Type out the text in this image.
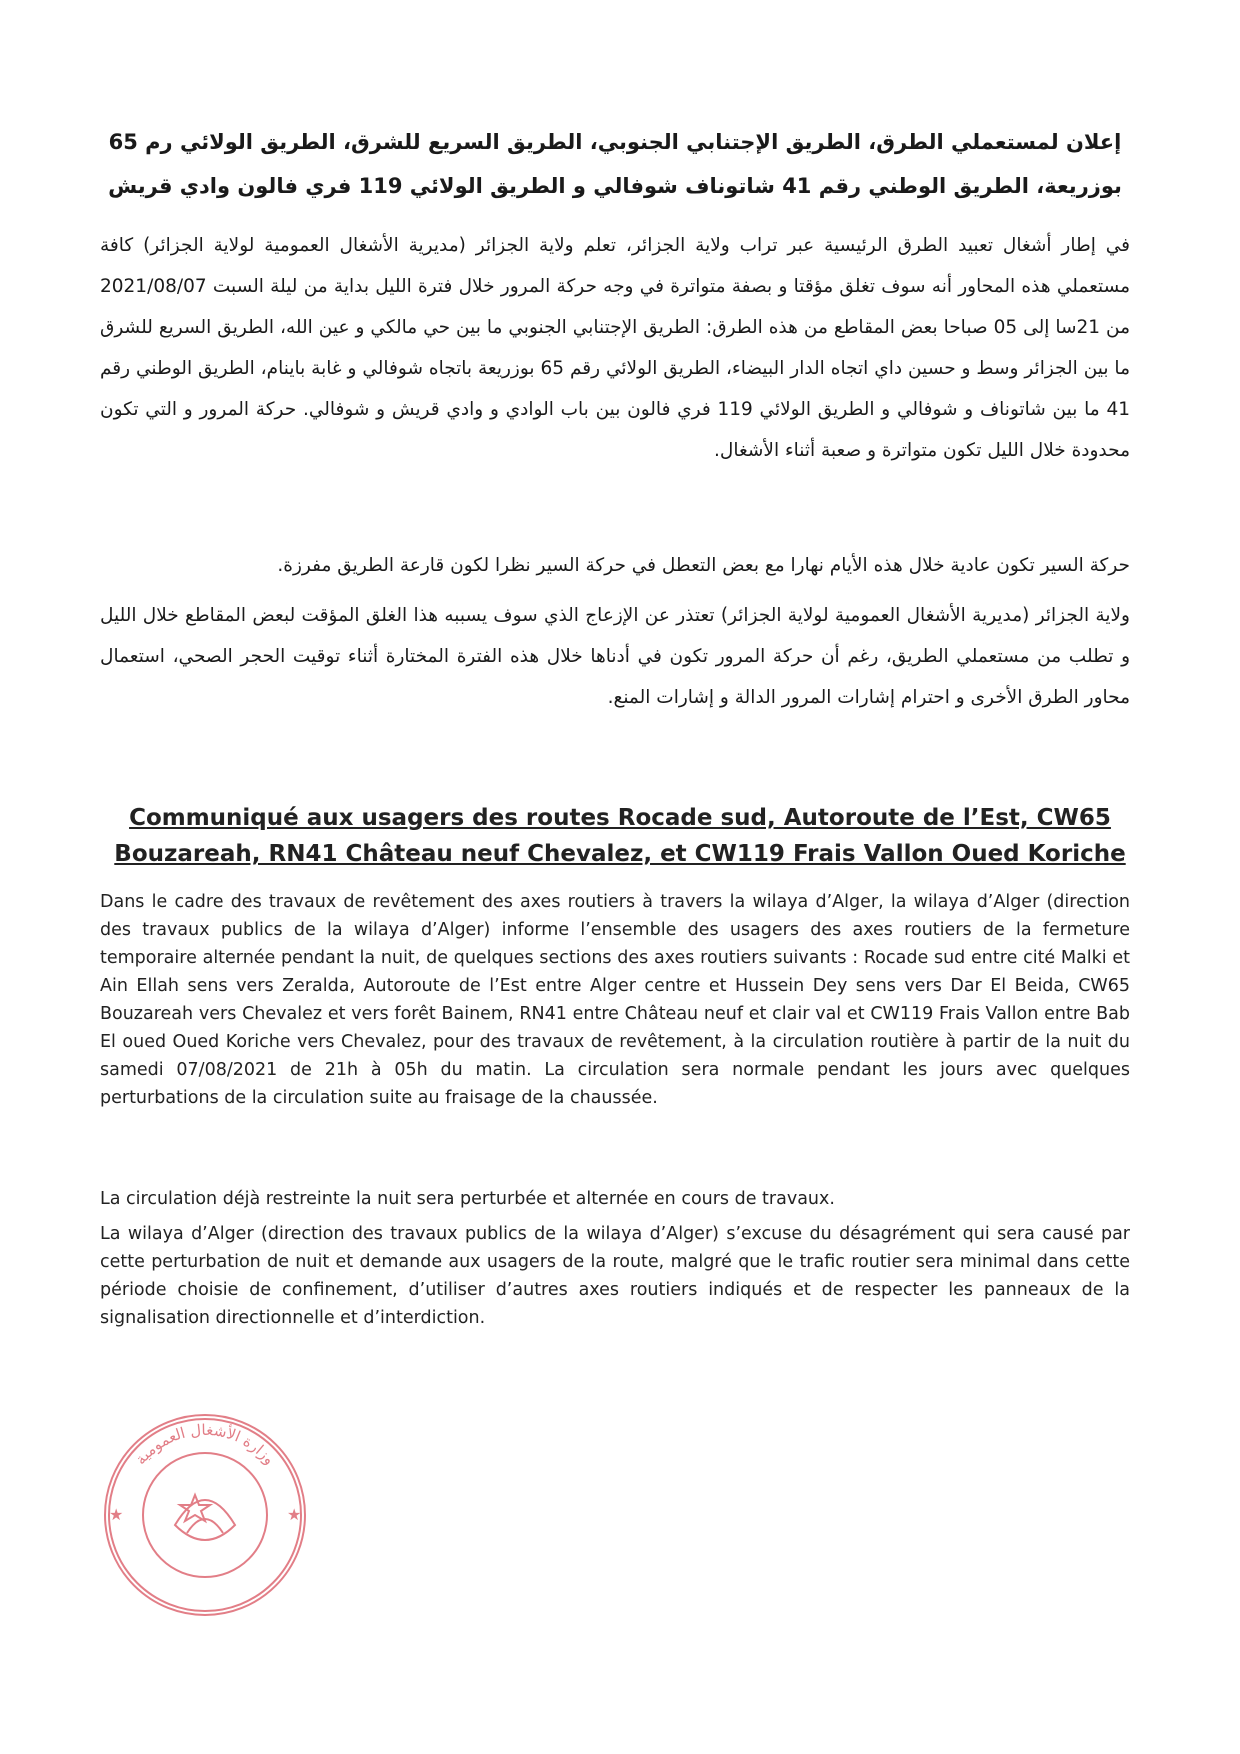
إعلان لمستعملي الطرق، الطريق الإجتنابي الجنوبي، الطريق السريع للشرق، الطريق الولائي رم 65
بوزريعة، الطريق الوطني رقم 41 شاتوناف شوفالي و الطريق الولائي 119 فري فالون وادي قريش
في إطار أشغال تعبيد الطرق الرئيسية عبر تراب ولاية الجزائر، تعلم ولاية الجزائر (مديرية الأشغال العمومية لولاية الجزائر) كافة مستعملي هذه المحاور أنه سوف تغلق مؤقتا و بصفة متواترة في وجه حركة المرور خلال فترة الليل بداية من ليلة السبت 2021/08/07 من 21سا إلى 05 صباحا بعض المقاطع من هذه الطرق: الطريق الإجتنابي الجنوبي ما بين حي مالكي و عين الله، الطريق السريع للشرق ما بين الجزائر وسط و حسين داي اتجاه الدار البيضاء، الطريق الولائي رقم 65 بوزريعة باتجاه شوفالي و غابة باينام، الطريق الوطني رقم 41 ما بين شاتوناف و شوفالي و الطريق الولائي 119 فري فالون بين باب الوادي و وادي قريش و شوفالي. حركة المرور و التي تكون محدودة خلال الليل تكون متواترة و صعبة أثناء الأشغال.
حركة السير تكون عادية خلال هذه الأيام نهارا مع بعض التعطل في حركة السير نظرا لكون قارعة الطريق مفرزة.
ولاية الجزائر (مديرية الأشغال العمومية لولاية الجزائر) تعتذر عن الإزعاج الذي سوف يسببه هذا الغلق المؤقت لبعض المقاطع خلال الليل و تطلب من مستعملي الطريق، رغم أن حركة المرور تكون في أدناها خلال هذه الفترة المختارة أثناء توقيت الحجر الصحي، استعمال محاور الطرق الأخرى و احترام إشارات المرور الدالة و إشارات المنع.
Communiqué aux usagers des routes Rocade sud, Autoroute de l’Est, CW65
Bouzareah, RN41 Château neuf Chevalez, et CW119 Frais Vallon Oued Koriche
Dans le cadre des travaux de revêtement des axes routiers à travers la wilaya d’Alger, la wilaya d’Alger (direction des travaux publics de la wilaya d’Alger) informe l’ensemble des usagers des axes routiers de la fermeture temporaire alternée pendant la nuit, de quelques sections des axes routiers suivants : Rocade sud entre cité Malki et Ain Ellah sens vers Zeralda, Autoroute de l’Est entre Alger centre et Hussein Dey sens vers Dar El Beida, CW65 Bouzareah vers Chevalez et vers forêt Bainem, RN41 entre Château neuf et clair val et CW119 Frais Vallon entre Bab El oued Oued Koriche vers Chevalez, pour des travaux de revêtement, à la circulation routière à partir de la nuit du samedi 07/08/2021 de 21h à 05h du matin. La circulation sera normale pendant les jours avec quelques perturbations de la circulation suite au fraisage de la chaussée.
La circulation déjà restreinte la nuit sera perturbée et alternée en cours de travaux.
La wilaya d’Alger (direction des travaux publics de la wilaya d’Alger) s’excuse du désagrément qui sera causé par cette perturbation de nuit et demande aux usagers de la route, malgré que le trafic routier sera minimal dans cette période choisie de confinement, d’utiliser d’autres axes routiers indiqués et de respecter les panneaux de la signalisation directionnelle et d’interdiction.
وزارة الأشغال العمومية
★	★
